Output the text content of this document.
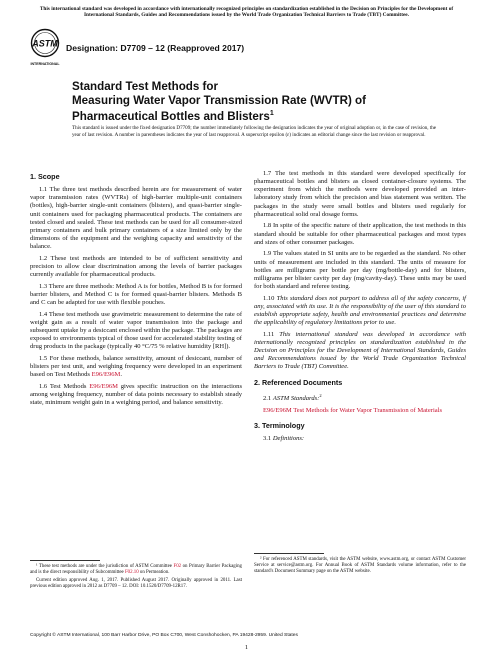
This international standard was developed in accordance with internationally recognized principles on standardization established in the Decision on Principles for the Development of International Standards, Guides and Recommendations issued by the World Trade Organization Technical Barriers to Trade (TBT) Committee.
ASTM
INTERNATIONAL
Designation: D7709 – 12 (Reapproved 2017)
Standard Test Methods for
Measuring Water Vapor Transmission Rate (WVTR) of
Pharmaceutical Bottles and Blisters$^1$
This standard is issued under the fixed designation D7709; the number immediately following the designation indicates the year of original adoption or, in the case of revision, the year of last revision. A number in parentheses indicates the year of last reapproval. A superscript epsilon (ε) indicates an editorial change since the last revision or reapproval.
1. Scope
1.1 The three test methods described herein are for measurement of water vapor transmission rates (WVTRs) of high-barrier multiple-unit containers (bottles), high-barrier single-unit containers (blisters), and quasi-barrier single-unit containers used for packaging pharmaceutical products. The containers are tested closed and sealed. These test methods can be used for all consumer-sized primary containers and bulk primary containers of a size limited only by the dimensions of the equipment and the weighing capacity and sensitivity of the balance.
1.2 These test methods are intended to be of sufficient sensitivity and precision to allow clear discrimination among the levels of barrier packages currently available for pharmaceutical products.
1.3 There are three methods: Method A is for bottles, Method B is for formed barrier blisters, and Method C is for formed quasi-barrier blisters. Methods B and C can be adapted for use with flexible pouches.
1.4 These test methods use gravimetric measurement to determine the rate of weight gain as a result of water vapor transmission into the package and subsequent uptake by a desiccant enclosed within the package. The packages are exposed to environments typical of those used for accelerated stability testing of drug products in the package (typically 40 °C/75 % relative humidity [RH]).
1.5 For these methods, balance sensitivity, amount of desiccant, number of blisters per test unit, and weighing frequency were developed in an experiment based on Test Methods E96/E96M.
1.6 Test Methods E96/E96M gives specific instruction on the interactions among weighing frequency, number of data points necessary to establish steady state, minimum weight gain in a weighing period, and balance sensitivity.
¹ These test methods are under the jurisdiction of ASTM Committee F02 on Primary Barrier Packaging and is the direct responsibility of Subcommittee F02.10 on Permeation.
Current edition approved Aug. 1, 2017. Published August 2017. Originally approved in 2011. Last previous edition approved in 2012 as D7709 – 12. DOI: 10.1520/D7709-12R17.
1.7 The test methods in this standard were developed specifically for pharmaceutical bottles and blisters as closed container-closure systems. The experiment from which the methods were developed provided an inter-laboratory study from which the precision and bias statement was written. The packages in the study were small bottles and blisters used regularly for pharmaceutical solid oral dosage forms.
1.8 In spite of the specific nature of their application, the test methods in this standard should be suitable for other pharmaceutical packages and most types and sizes of other consumer packages.
1.9 The values stated in SI units are to be regarded as the standard. No other units of measurement are included in this standard. The units of measure for bottles are milligrams per bottle per day (mg/bottle-day) and for blisters, milligrams per blister cavity per day (mg/cavity-day). These units may be used for both standard and referee testing.
1.10 This standard does not purport to address all of the safety concerns, if any, associated with its use. It is the responsibility of the user of this standard to establish appropriate safety, health and environmental practices and determine the applicability of regulatory limitations prior to use.
1.11 This international standard was developed in accordance with internationally recognized principles on standardization established in the Decision on Principles for the Development of International Standards, Guides and Recommendations issued by the World Trade Organization Technical Barriers to Trade (TBT) Committee.
2. Referenced Documents
2.1 ASTM Standards:$^2$
E96/E96M Test Methods for Water Vapor Transmission of Materials
3. Terminology
3.1 Definitions:
² For referenced ASTM standards, visit the ASTM website, www.astm.org, or contact ASTM Customer Service at service@astm.org. For Annual Book of ASTM Standards volume information, refer to the standard's Document Summary page on the ASTM website.
Copyright © ASTM International, 100 Barr Harbor Drive, PO Box C700, West Conshohocken, PA 19428-2959. United States
1
